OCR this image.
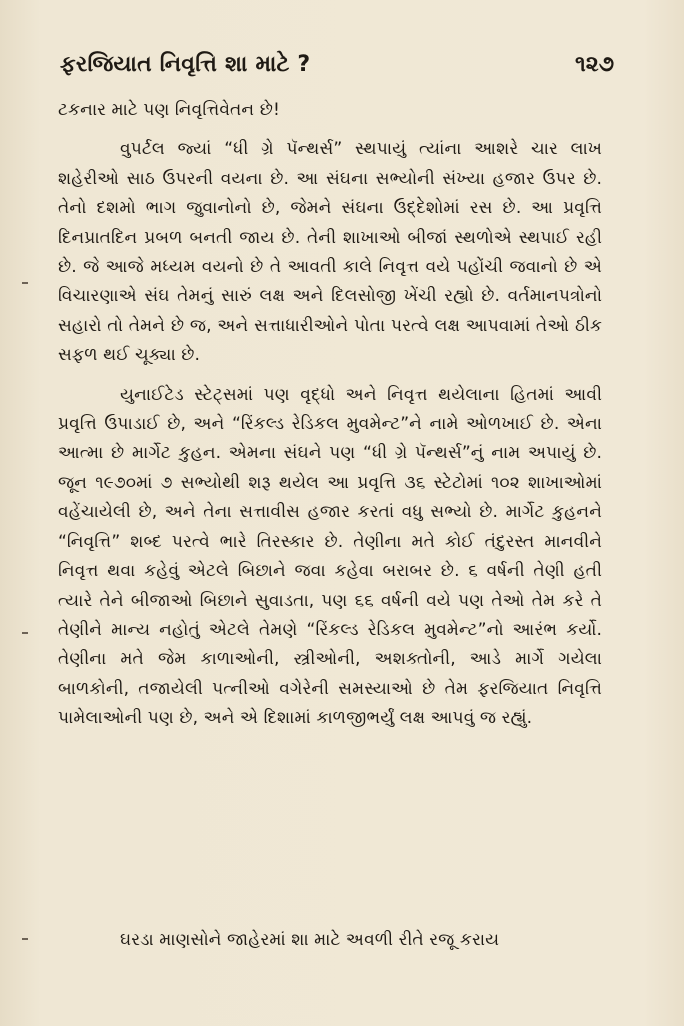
ફરજિયાત નિવૃત્તિ શા માટે ?	૧૨૭

ટકનાર માટે પણ નિવૃત્તિવેતન છે!

વુપર્ટલ જ્યાં “ધી ગ્રે પૅન્થર્સ” સ્થપાયું ત્યાંના આશરે ચાર લાખ શહેરીઓ સાઠ ઉપરની વયના છે. આ સંઘના સભ્યોની સંખ્યા હજાર ઉપર છે. તેનો દશમો ભાગ જુવાનોનો છે, જેમને સંઘના ઉદ્દેશોમાં રસ છે. આ પ્રવૃત્તિ દિનપ્રાતદિન પ્રબળ બનતી જાય છે. તેની શાખાઓ બીજાં સ્થળોએ સ્થપાઈ રહી છે. જે આજે મધ્યમ વયનો છે તે આવતી કાલે નિવૃત્ત વયે પહોંચી જવાનો છે એ વિચારણાએ સંઘ તેમનું સારું લક્ષ અને દિલસોજી ખેંચી રહ્યો છે. વર્તમાનપત્રોનો સહારો તો તેમને છે જ, અને સત્તાધારીઓને પોતા પરત્વે લક્ષ આપવામાં તેઓ ઠીક સફળ થઈ ચૂક્યા છે.

યુનાઈટેડ સ્ટેટ્સમાં પણ વૃદ્ધો અને નિવૃત્ત થયેલાના હિતમાં આવી પ્રવૃત્તિ ઉપાડાઈ છે, અને “રિંકલ્ડ રેડિકલ મુવમેન્ટ”ને નામે ઓળખાઈ છે. એના આત્મા છે માર્ગેટ કુહન. એમના સંઘને પણ “ધી ગ્રે પૅન્થર્સ”નું નામ અપાયું છે. જૂન ૧૯૭૦માં ૭ સભ્યોથી શરૂ થયેલ આ પ્રવૃત્તિ ૩૬ સ્ટેટોમાં ૧૦૨ શાખાઓમાં વહેંચાયેલી છે, અને તેના સત્તાવીસ હજાર કરતાં વધુ સભ્યો છે. માર્ગેટ કુહનને “નિવૃત્તિ” શબ્દ પરત્વે ભારે તિરસ્કાર છે. તેણીના મતે કોઈ તંદુરસ્ત માનવીને નિવૃત્ત થવા કહેવું એટલે બિછાને જવા કહેવા બરાબર છે. ૬ વર્ષની તેણી હતી ત્યારે તેને બીજાઓ બિછાને સુવાડતા, પણ ૬૬ વર્ષની વયે પણ તેઓ તેમ કરે તે તેણીને માન્ય નહોતું એટલે તેમણે “રિંકલ્ડ રેડિકલ મુવમેન્ટ”નો આરંભ કર્યો. તેણીના મતે જેમ કાળાઓની, સ્ત્રીઓની, અશક્તોની, આડે માર્ગે ગયેલા બાળકોની, તજાયેલી પત્નીઓ વગેરેની સમસ્યાઓ છે તેમ ફરજિયાત નિવૃત્તિ પામેલાઓની પણ છે, અને એ દિશામાં કાળજીભર્યું લક્ષ આપવું જ રહ્યું.

ઘરડા માણસોને જાહેરમાં શા માટે અવળી રીતે રજૂ કરાય
